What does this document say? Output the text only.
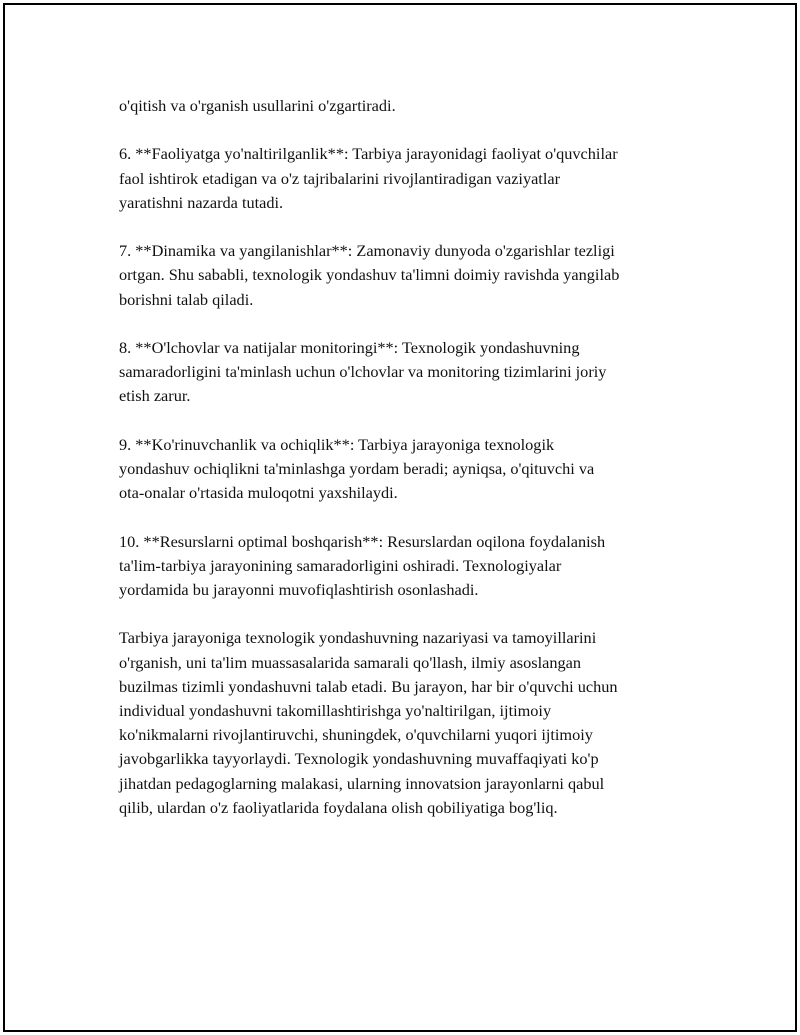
o'qitish va o'rganish usullarini o'zgartiradi.
6. **Faoliyatga yo'naltirilganlik**: Tarbiya jarayonidagi faoliyat o'quvchilar
faol ishtirok etadigan va o'z tajribalarini rivojlantiradigan vaziyatlar
yaratishni nazarda tutadi.
7. **Dinamika va yangilanishlar**: Zamonaviy dunyoda o'zgarishlar tezligi
ortgan. Shu sababli, texnologik yondashuv ta'limni doimiy ravishda yangilab
borishni talab qiladi.
8. **O'lchovlar va natijalar monitoringi**: Texnologik yondashuvning
samaradorligini ta'minlash uchun o'lchovlar va monitoring tizimlarini joriy
etish zarur.
9. **Ko'rinuvchanlik va ochiqlik**: Tarbiya jarayoniga texnologik
yondashuv ochiqlikni ta'minlashga yordam beradi; ayniqsa, o'qituvchi va
ota-onalar o'rtasida muloqotni yaxshilaydi.
10. **Resurslarni optimal boshqarish**: Resurslardan oqilona foydalanish
ta'lim-tarbiya jarayonining samaradorligini oshiradi. Texnologiyalar
yordamida bu jarayonni muvofiqlashtirish osonlashadi.
Tarbiya jarayoniga texnologik yondashuvning nazariyasi va tamoyillarini
o'rganish, uni ta'lim muassasalarida samarali qo'llash, ilmiy asoslangan
buzilmas tizimli yondashuvni talab etadi. Bu jarayon, har bir o'quvchi uchun
individual yondashuvni takomillashtirishga yo'naltirilgan, ijtimoiy
ko'nikmalarni rivojlantiruvchi, shuningdek, o'quvchilarni yuqori ijtimoiy
javobgarlikka tayyorlaydi. Texnologik yondashuvning muvaffaqiyati ko'p
jihatdan pedagoglarning malakasi, ularning innovatsion jarayonlarni qabul
qilib, ulardan o'z faoliyatlarida foydalana olish qobiliyatiga bog'liq.
